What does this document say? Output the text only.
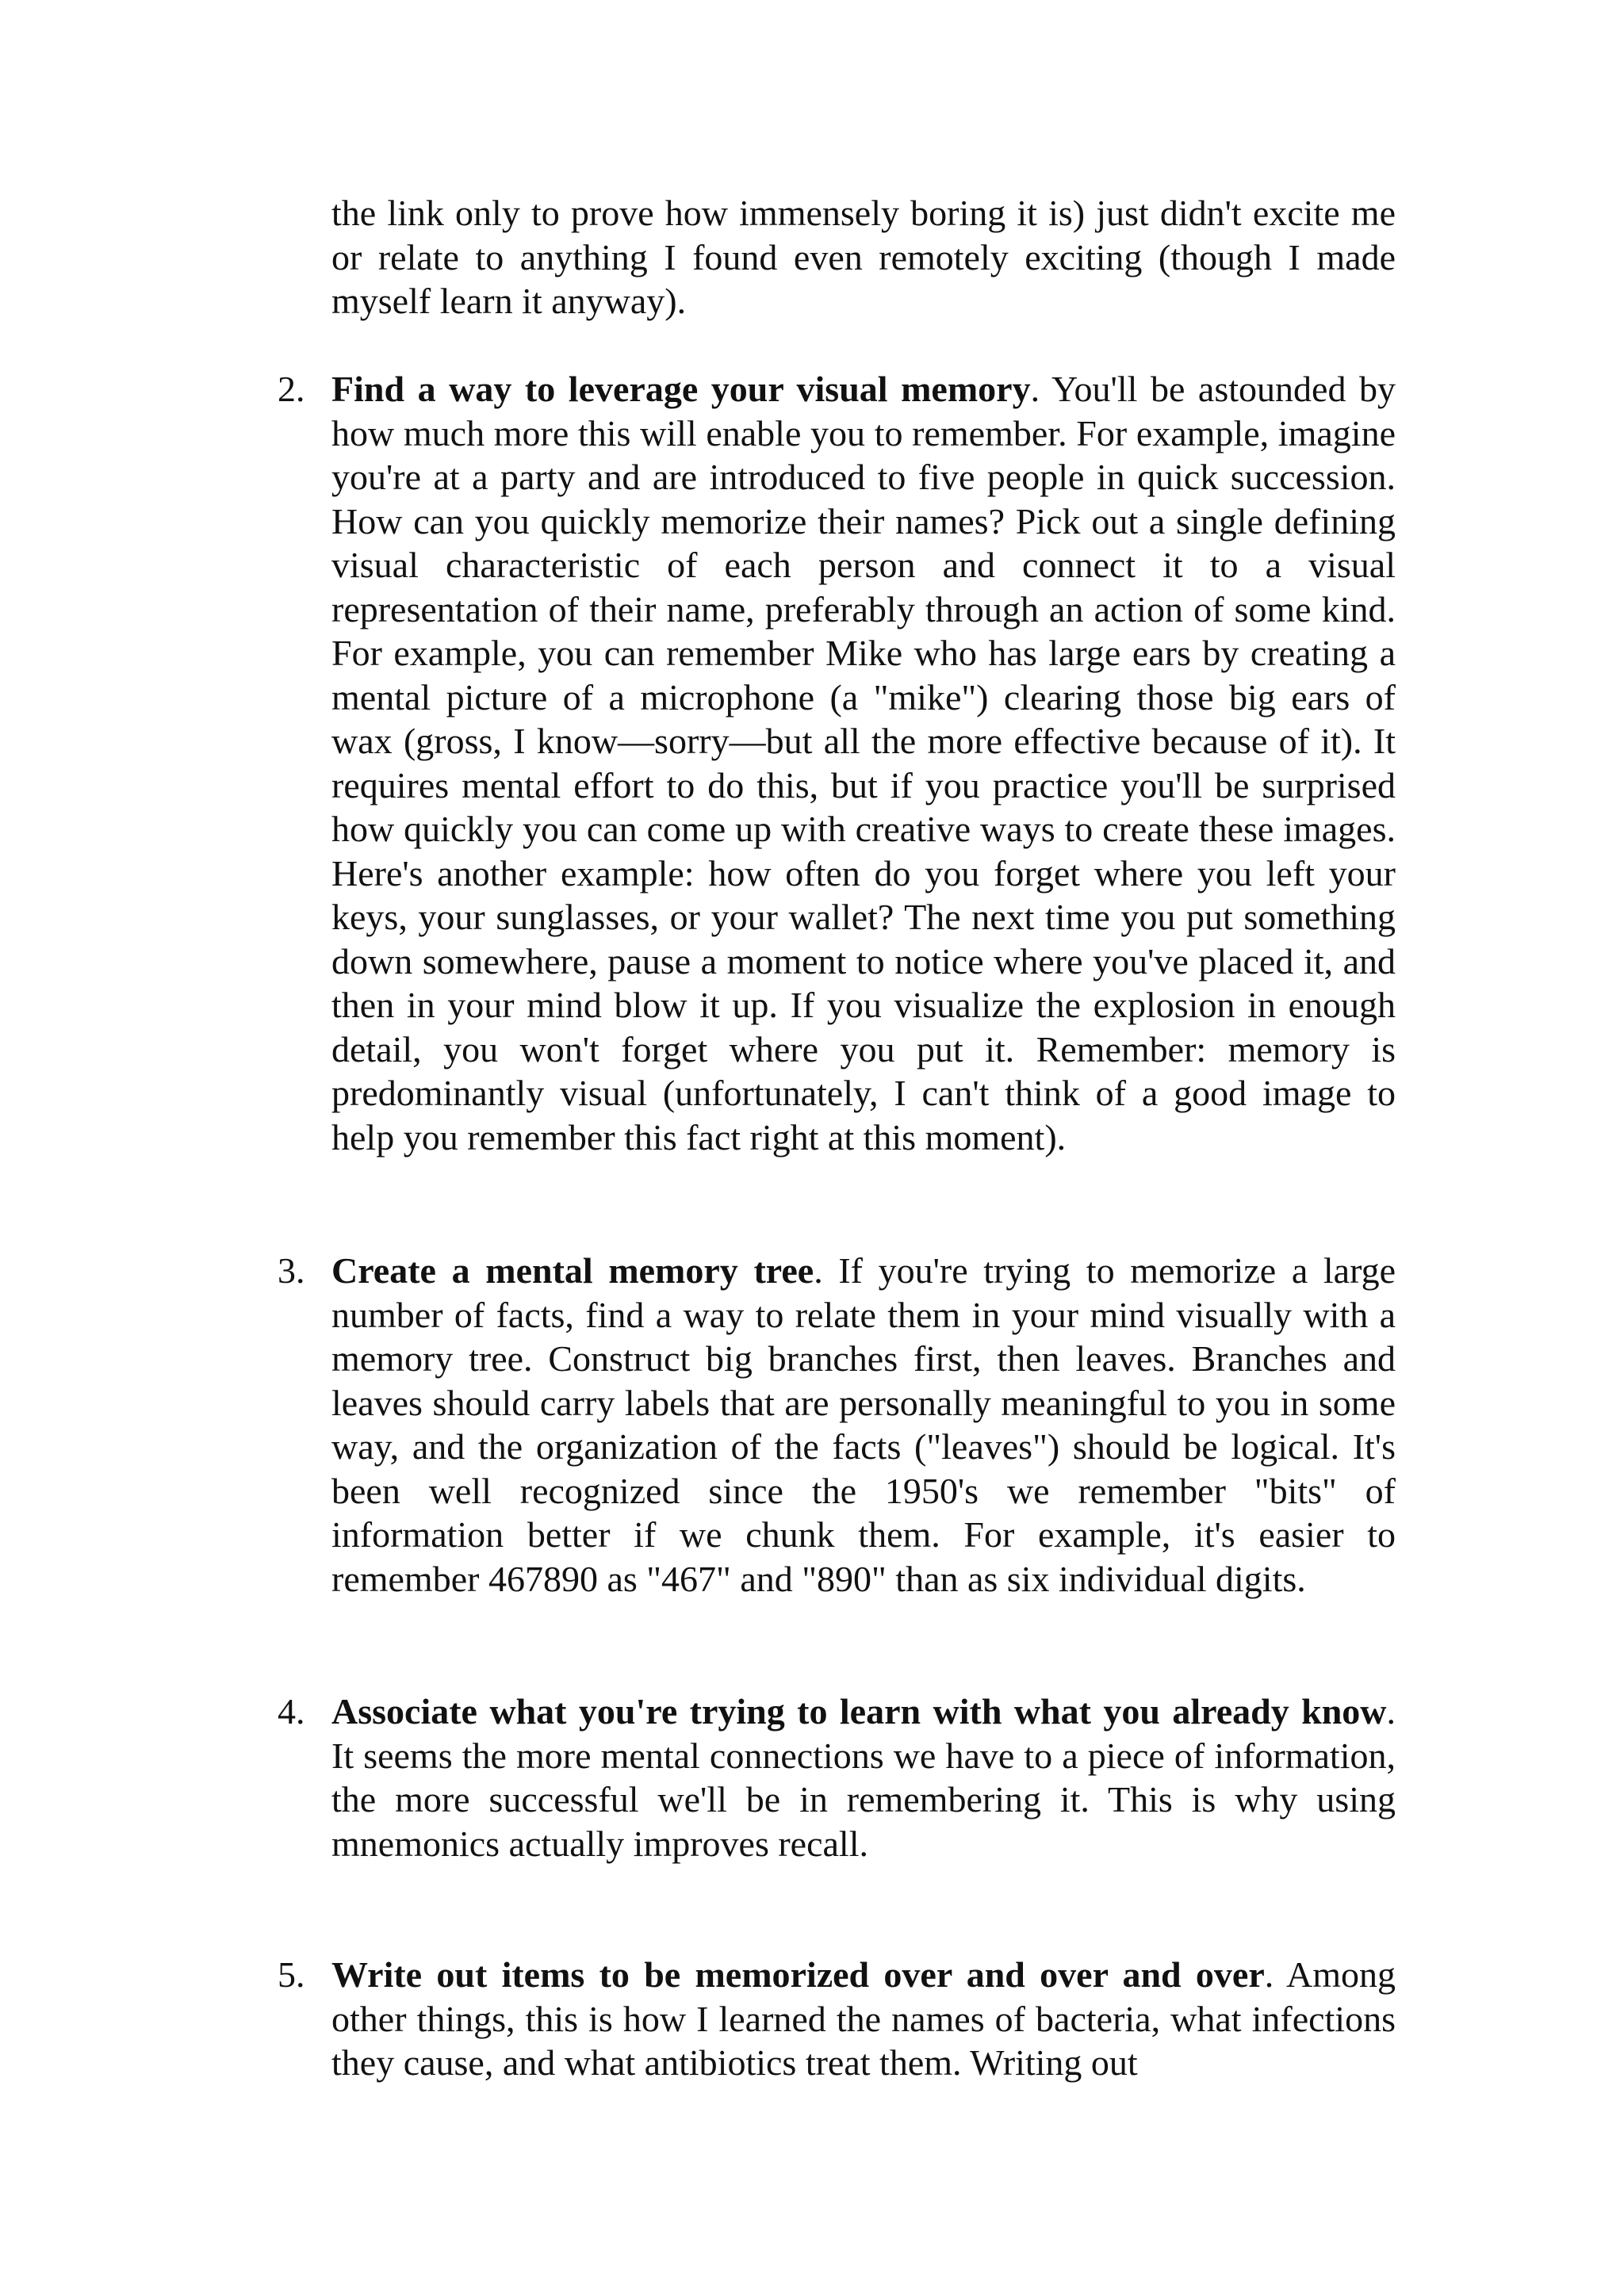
the link only to prove how immensely boring it is) just didn't excite me or relate to anything I found even remotely exciting (though I made myself learn it anyway).

2. Find a way to leverage your visual memory. You'll be astounded by how much more this will enable you to remember. For example, imagine you're at a party and are introduced to five people in quick succession. How can you quickly memorize their names? Pick out a single defining visual characteristic of each person and connect it to a visual representation of their name, preferably through an action of some kind. For example, you can remember Mike who has large ears by creating a mental picture of a microphone (a "mike") clearing those big ears of wax (gross, I know—sorry—but all the more effective because of it). It requires mental effort to do this, but if you practice you'll be surprised how quickly you can come up with creative ways to create these images. Here's another example: how often do you forget where you left your keys, your sunglasses, or your wallet? The next time you put something down somewhere, pause a moment to notice where you've placed it, and then in your mind blow it up. If you visualize the explosion in enough detail, you won't forget where you put it. Remember: memory is predominantly visual (unfortunately, I can't think of a good image to help you remember this fact right at this moment).
3. Create a mental memory tree. If you're trying to memorize a large number of facts, find a way to relate them in your mind visually with a memory tree. Construct big branches first, then leaves. Branches and leaves should carry labels that are personally meaningful to you in some way, and the organization of the facts ("leaves") should be logical. It's been well recognized since the 1950's we remember "bits" of information better if we chunk them. For example, it's easier to remember 467890 as "467" and "890" than as six individual digits.
4. Associate what you're trying to learn with what you already know. It seems the more mental connections we have to a piece of information, the more successful we'll be in remembering it. This is why using mnemonics actually improves recall.
5. Write out items to be memorized over and over and over. Among other things, this is how I learned the names of bacteria, what infections they cause, and what antibiotics treat them. Writing out
